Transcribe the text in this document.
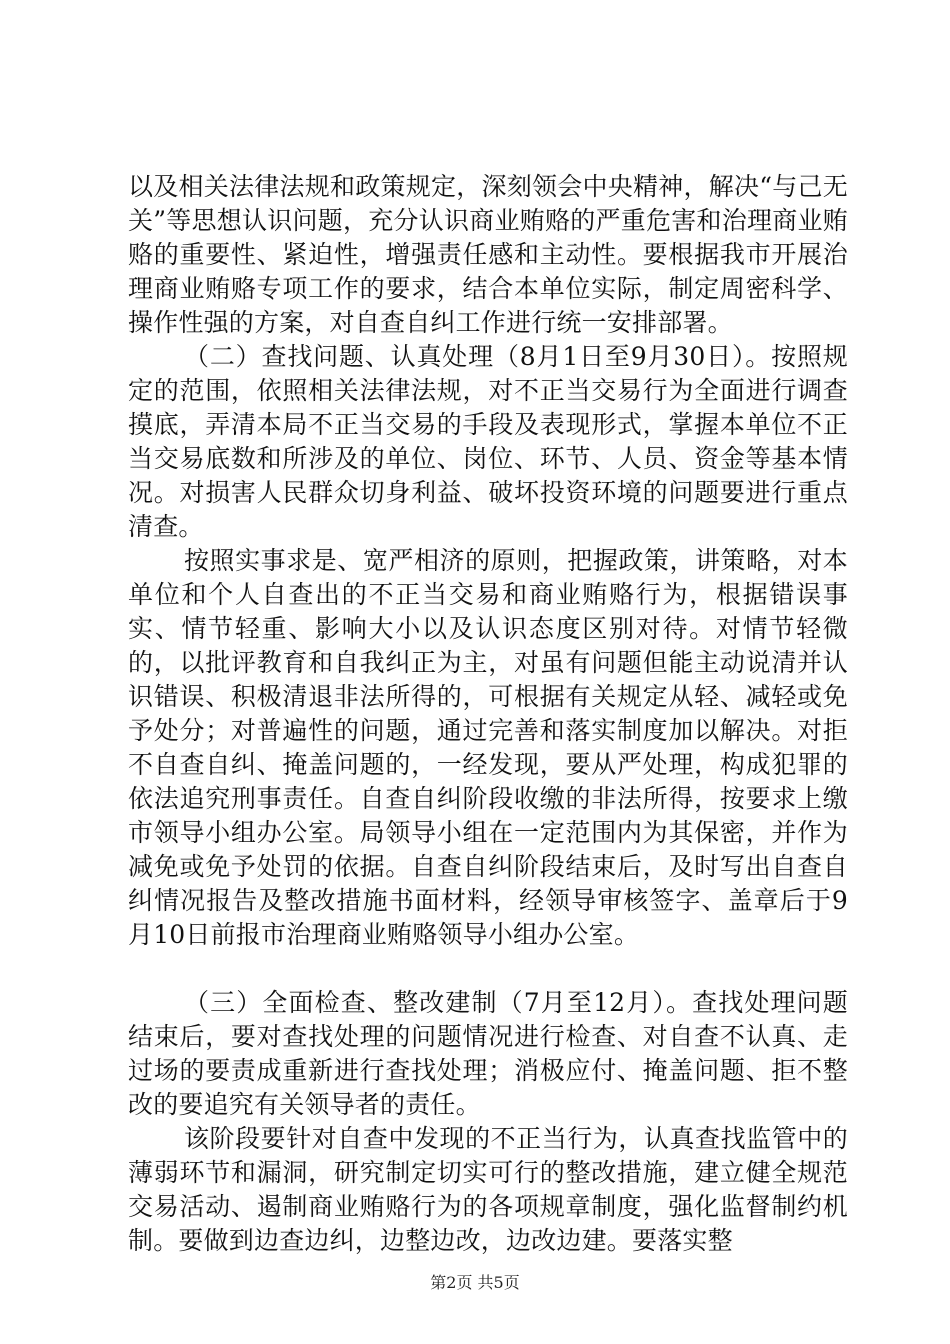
以及相关法律法规和政策规定，深刻领会中央精神，解决“与己无关”等思想认识问题，充分认识商业贿赂的严重危害和治理商业贿赂的重要性、紧迫性，增强责任感和主动性。要根据我市开展治理商业贿赂专项工作的要求，结合本单位实际，制定周密科学、操作性强的方案，对自查自纠工作进行统一安排部署。

（二）查找问题、认真处理（8月1日至9月30日）。按照规定的范围，依照相关法律法规，对不正当交易行为全面进行调查摸底，弄清本局不正当交易的手段及表现形式，掌握本单位不正当交易底数和所涉及的单位、岗位、环节、人员、资金等基本情况。对损害人民群众切身利益、破坏投资环境的问题要进行重点清查。

按照实事求是、宽严相济的原则，把握政策，讲策略，对本单位和个人自查出的不正当交易和商业贿赂行为，根据错误事实、情节轻重、影响大小以及认识态度区别对待。对情节轻微的，以批评教育和自我纠正为主，对虽有问题但能主动说清并认识错误、积极清退非法所得的，可根据有关规定从轻、减轻或免予处分；对普遍性的问题，通过完善和落实制度加以解决。对拒不自查自纠、掩盖问题的，一经发现，要从严处理，构成犯罪的依法追究刑事责任。自查自纠阶段收缴的非法所得，按要求上缴市领导小组办公室。局领导小组在一定范围内为其保密，并作为减免或免予处罚的依据。自查自纠阶段结束后，及时写出自查自纠情况报告及整改措施书面材料，经领导审核签字、盖章后于9月10日前报市治理商业贿赂领导小组办公室。

（三）全面检查、整改建制（7月至12月）。查找处理问题结束后，要对查找处理的问题情况进行检查、对自查不认真、走过场的要责成重新进行查找处理；消极应付、掩盖问题、拒不整改的要追究有关领导者的责任。

该阶段要针对自查中发现的不正当行为，认真查找监管中的薄弱环节和漏洞，研究制定切实可行的整改措施，建立健全规范交易活动、遏制商业贿赂行为的各项规章制度，强化监督制约机制。要做到边查边纠，边整边改，边改边建。要落实整

第2页 共5页
